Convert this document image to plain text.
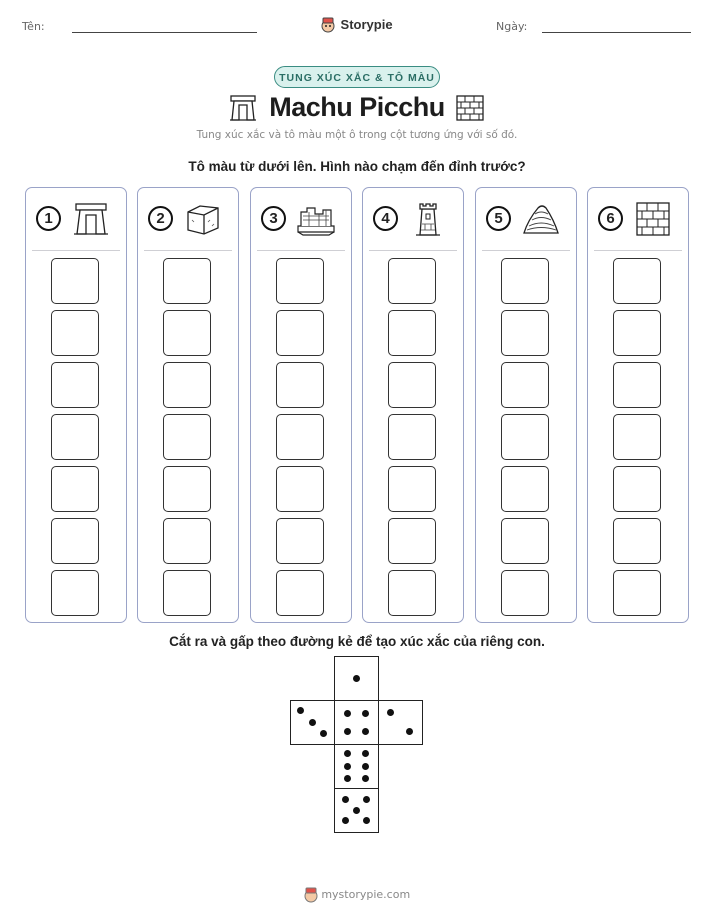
Tên:	Storypie	Ngày:
TUNG XÚC XẮC & TÔ MÀU
Machu Picchu
Tung xúc xắc và tô màu một ô trong cột tương ứng với số đó.
Tô màu từ dưới lên. Hình nào chạm đến đỉnh trước?
1	2	3	4	5	6
Cắt ra và gấp theo đường kẻ để tạo xúc xắc của riêng con.
mystorypie.com
